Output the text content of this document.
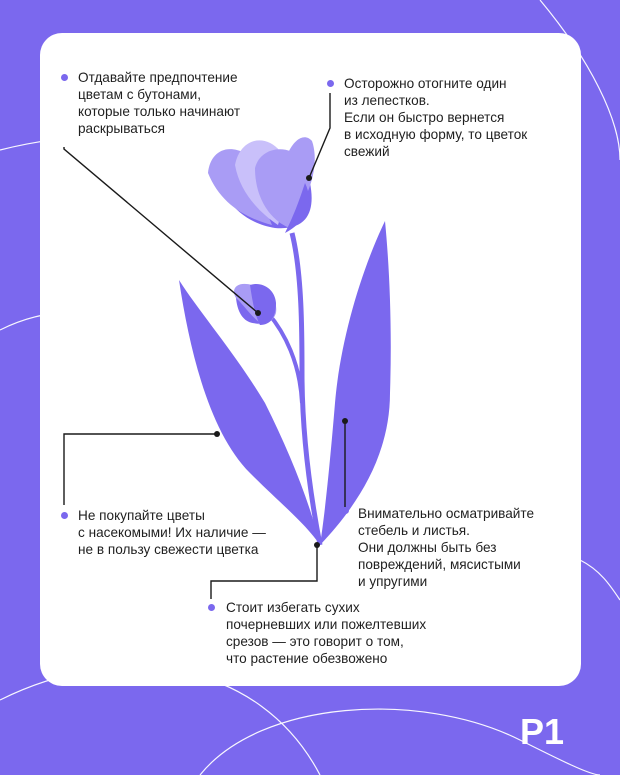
Отдавайте предпочтение
цветам с бутонами,
которые только начинают
раскрываться

Осторожно отогните один
из лепестков.
Если он быстро вернется
в исходную форму, то цветок
свежий

Не покупайте цветы
с насекомыми! Их наличие —
не в пользу свежести цветка

Внимательно осматривайте
стебель и листья.
Они должны быть без
повреждений, мясистыми
и упругими

Стоит избегать сухих
почерневших или пожелтевших
срезов — это говорит о том,
что растение обезвожено

Р1
